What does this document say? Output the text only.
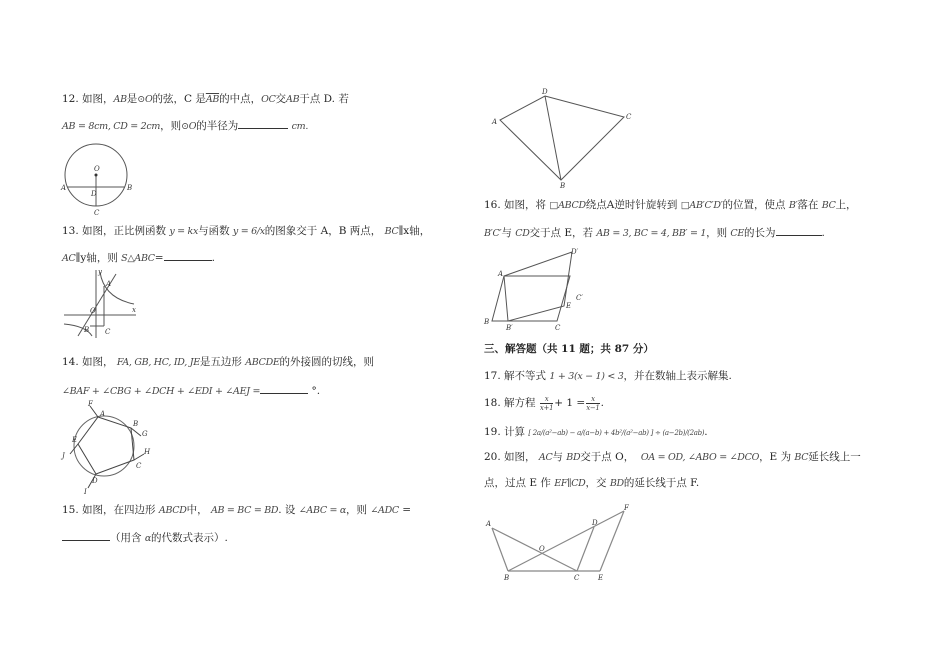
12. 如图，AB是⊙O的弦，C 是$\overline{AB}$的中点，OC交AB于点 D. 若
AB = 8cm, CD = 2cm，则⊙O的半径为	cm.
O
A
D
B
C
13. 如图，正比例函数 y = kx与函数 y = 6/x的图象交于 A，B 两点， BC∥x轴，
AC∥y轴，则 S△ABC=	.
y
A
O	x
B C
14. 如图， FA, GB, HC, ID, JE是五边形 ABCDE的外接圆的切线，则
∠BAF + ∠CBG + ∠DCH + ∠EDI + ∠AEJ =	°.
F
A
B
C
D
E
G
H
I
J
15. 如图，在四边形 ABCD中， AB = BC = BD. 设 ∠ABC = α，则 ∠ADC =
（用含 α的代数式表示）.
D
A
C
B
16. 如图，将 □ABCD绕点A逆时针旋转到 □AB′C′D′的位置，使点 B′落在 BC上，
B′C′与 CD交于点 E，若 AB = 3, BC = 4, BB′ = 1，则 CE的长为	.
D′
A
C′
E
B
B′	C
三、解答题（共 11 题；共 87 分）
17. 解不等式 1 + 3(x − 1) < 3，并在数轴上表示解集.
18. 解方程 $\frac{x}{x+1} + 1 = \frac{x}{x-1}$ .
19. 计算 [ 2a/(a²−ab) − a/(a−b) + 4b²/(a²−ab) ] ÷ (a−2b)/(2ab).
20. 如图， AC与 BD交于点 O， OA = OD, ∠ABO = ∠DCO，E 为 BC延长线上一
点，过点 E 作 EF∥CD，交 BD的延长线于点 F.
A	D
F
O
B	C	E
